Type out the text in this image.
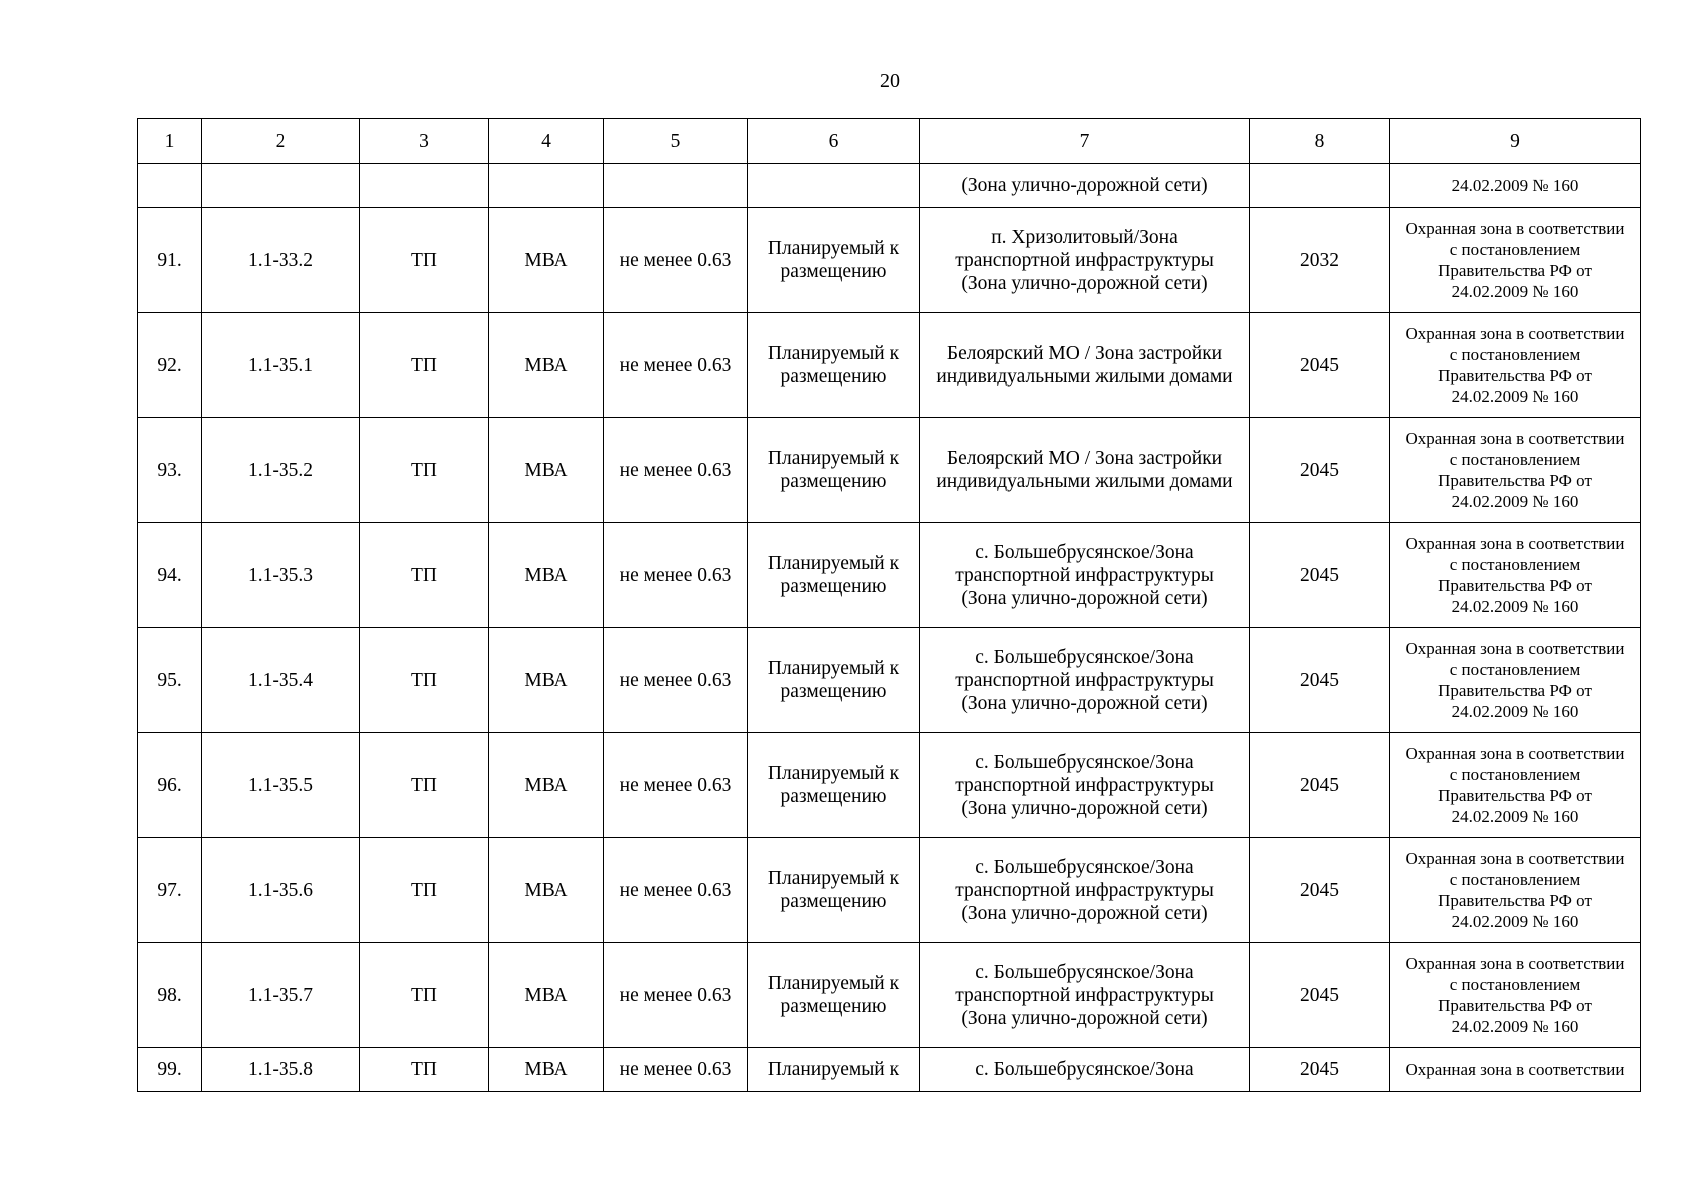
20
1	2	3	4	5	6	7	8	9
						(Зона улично-дорожной сети)		24.02.2009 № 160
91.	1.1-33.2	ТП	МВА	не менее 0.63	Планируемый к
размещению	п. Хризолитовый/Зона
транспортной инфраструктуры
(Зона улично-дорожной сети)	2032	Охранная зона в соответствии
с постановлением
Правительства РФ от
24.02.2009 № 160
92.	1.1-35.1	ТП	МВА	не менее 0.63	Планируемый к
размещению	Белоярский МО / Зона застройки
индивидуальными жилыми домами	2045	Охранная зона в соответствии
с постановлением
Правительства РФ от
24.02.2009 № 160
93.	1.1-35.2	ТП	МВА	не менее 0.63	Планируемый к
размещению	Белоярский МО / Зона застройки
индивидуальными жилыми домами	2045	Охранная зона в соответствии
с постановлением
Правительства РФ от
24.02.2009 № 160
94.	1.1-35.3	ТП	МВА	не менее 0.63	Планируемый к
размещению	с. Большебрусянское/Зона
транспортной инфраструктуры
(Зона улично-дорожной сети)	2045	Охранная зона в соответствии
с постановлением
Правительства РФ от
24.02.2009 № 160
95.	1.1-35.4	ТП	МВА	не менее 0.63	Планируемый к
размещению	с. Большебрусянское/Зона
транспортной инфраструктуры
(Зона улично-дорожной сети)	2045	Охранная зона в соответствии
с постановлением
Правительства РФ от
24.02.2009 № 160
96.	1.1-35.5	ТП	МВА	не менее 0.63	Планируемый к
размещению	с. Большебрусянское/Зона
транспортной инфраструктуры
(Зона улично-дорожной сети)	2045	Охранная зона в соответствии
с постановлением
Правительства РФ от
24.02.2009 № 160
97.	1.1-35.6	ТП	МВА	не менее 0.63	Планируемый к
размещению	с. Большебрусянское/Зона
транспортной инфраструктуры
(Зона улично-дорожной сети)	2045	Охранная зона в соответствии
с постановлением
Правительства РФ от
24.02.2009 № 160
98.	1.1-35.7	ТП	МВА	не менее 0.63	Планируемый к
размещению	с. Большебрусянское/Зона
транспортной инфраструктуры
(Зона улично-дорожной сети)	2045	Охранная зона в соответствии
с постановлением
Правительства РФ от
24.02.2009 № 160
99.	1.1-35.8	ТП	МВА	не менее 0.63	Планируемый к	с. Большебрусянское/Зона	2045	Охранная зона в соответствии
